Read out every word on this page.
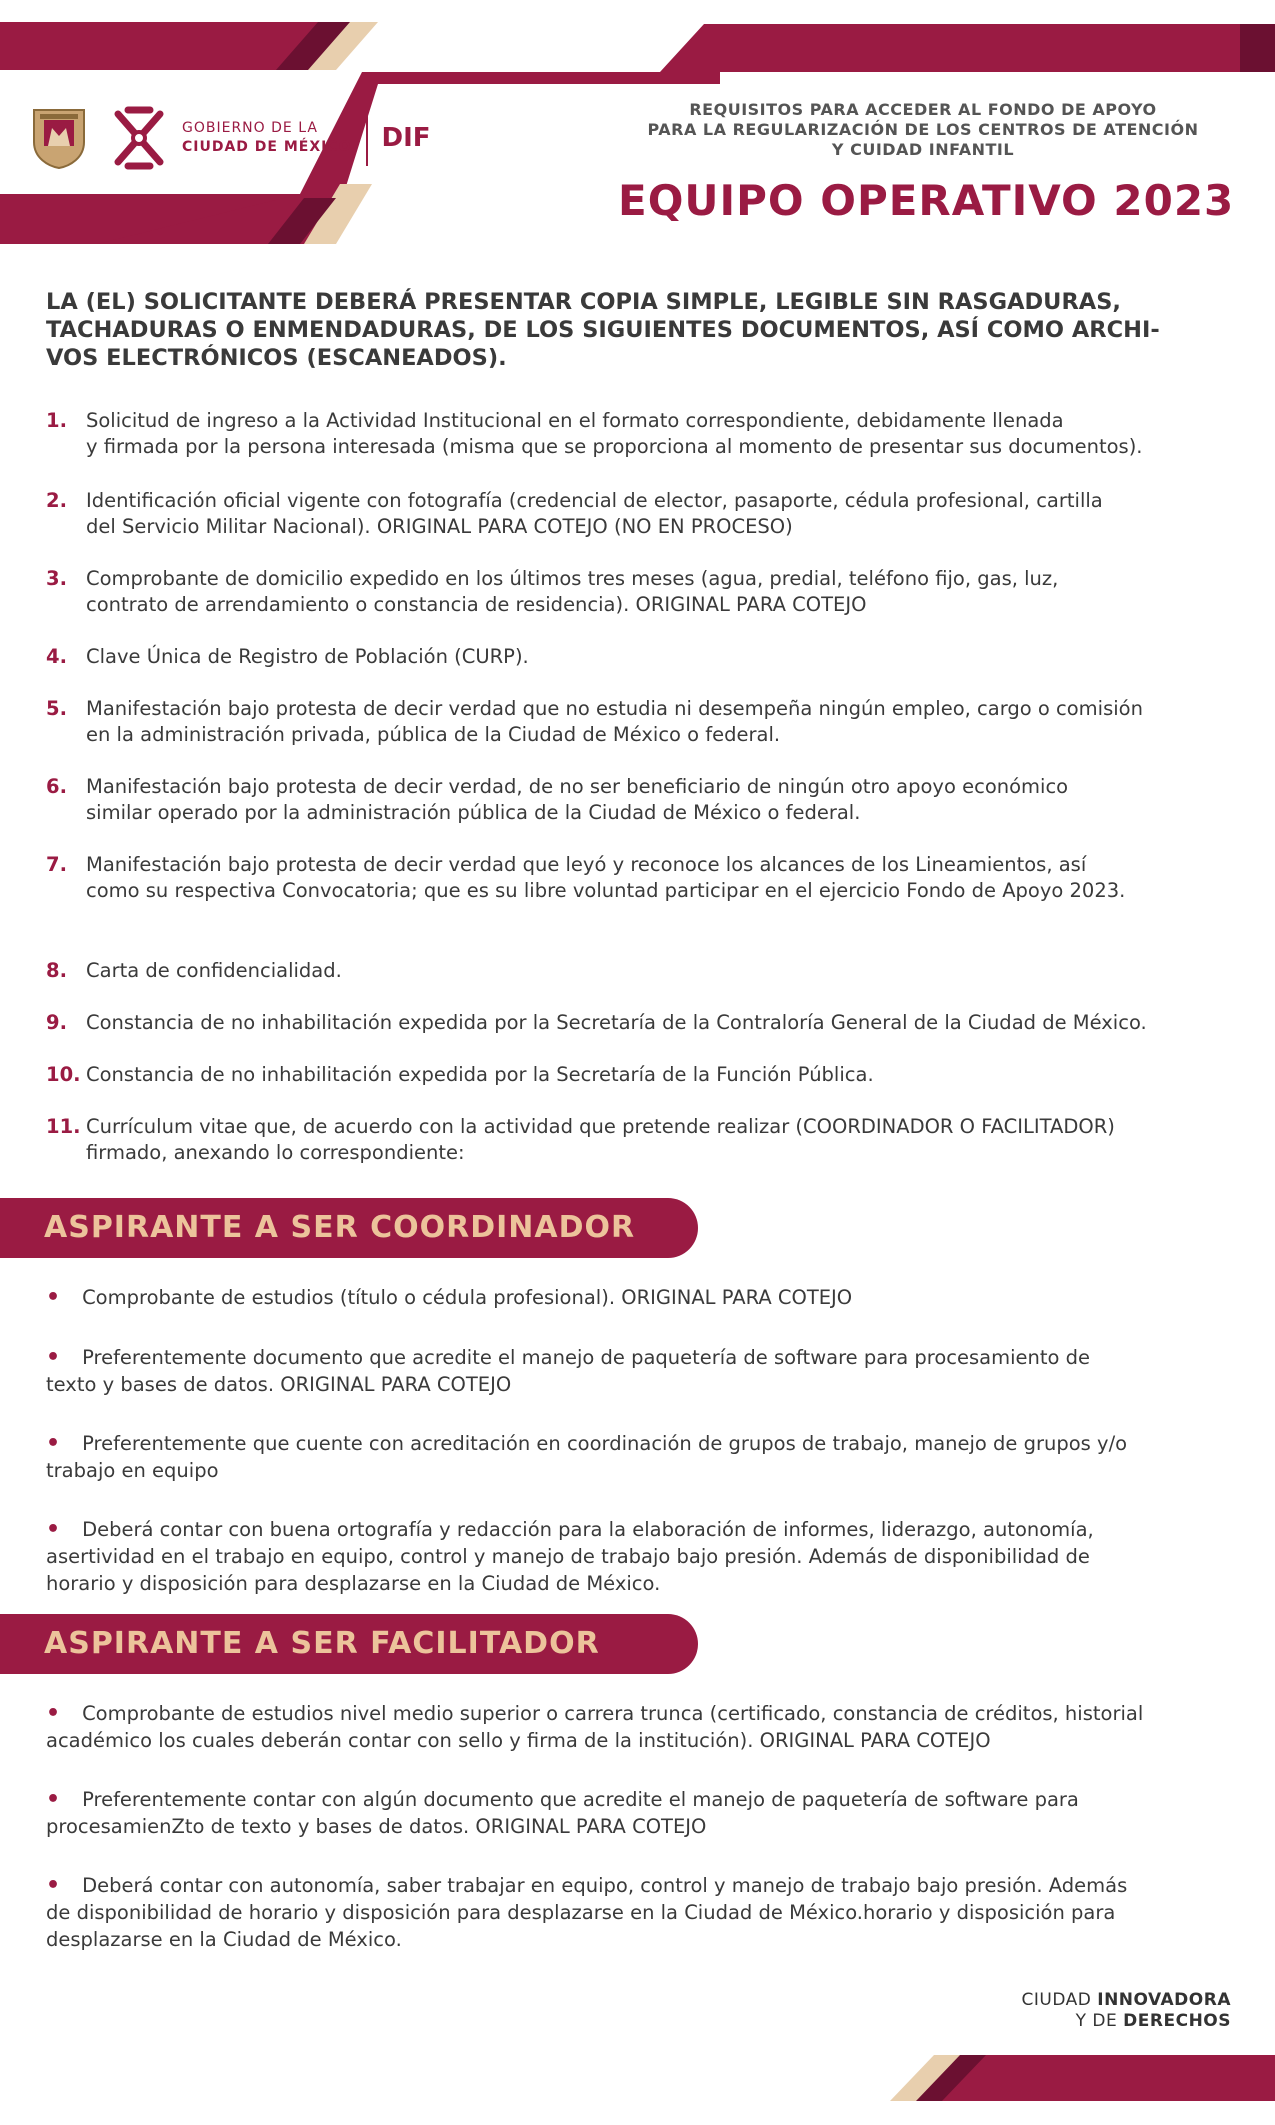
GOBIERNO DE LA
CIUDAD DE MÉXICO DIF
REQUISITOS PARA ACCEDER AL FONDO DE APOYO
PARA LA REGULARIZACIÓN DE LOS CENTROS DE ATENCIÓN
Y CUIDAD INFANTIL
EQUIPO OPERATIVO 2023
LA (EL) SOLICITANTE DEBERÁ PRESENTAR COPIA SIMPLE, LEGIBLE SIN RASGADURAS,
TACHADURAS O ENMENDADURAS, DE LOS SIGUIENTES DOCUMENTOS, ASÍ COMO ARCHI-
VOS ELECTRÓNICOS (ESCANEADOS).
1. Solicitud de ingreso a la Actividad Institucional en el formato correspondiente, debidamente llenada
y firmada por la persona interesada (misma que se proporciona al momento de presentar sus documentos).
2. Identificación oficial vigente con fotografía (credencial de elector, pasaporte, cédula profesional, cartilla
del Servicio Militar Nacional). ORIGINAL PARA COTEJO (NO EN PROCESO)
3. Comprobante de domicilio expedido en los últimos tres meses (agua, predial, teléfono fijo, gas, luz,
contrato de arrendamiento o constancia de residencia). ORIGINAL PARA COTEJO
4. Clave Única de Registro de Población (CURP).
5. Manifestación bajo protesta de decir verdad que no estudia ni desempeña ningún empleo, cargo o comisión
en la administración privada, pública de la Ciudad de México o federal.
6. Manifestación bajo protesta de decir verdad, de no ser beneficiario de ningún otro apoyo económico
similar operado por la administración pública de la Ciudad de México o federal.
7. Manifestación bajo protesta de decir verdad que leyó y reconoce los alcances de los Lineamientos, así
como su respectiva Convocatoria; que es su libre voluntad participar en el ejercicio Fondo de Apoyo 2023.
8. Carta de confidencialidad.
9. Constancia de no inhabilitación expedida por la Secretaría de la Contraloría General de la Ciudad de México.
10. Constancia de no inhabilitación expedida por la Secretaría de la Función Pública.
11. Currículum vitae que, de acuerdo con la actividad que pretende realizar (COORDINADOR O FACILITADOR)
firmado, anexando lo correspondiente:
ASPIRANTE A SER COORDINADOR
• Comprobante de estudios (título o cédula profesional). ORIGINAL PARA COTEJO
• Preferentemente documento que acredite el manejo de paquetería de software para procesamiento de
texto y bases de datos. ORIGINAL PARA COTEJO
• Preferentemente que cuente con acreditación en coordinación de grupos de trabajo, manejo de grupos y/o
trabajo en equipo
• Deberá contar con buena ortografía y redacción para la elaboración de informes, liderazgo, autonomía,
asertividad en el trabajo en equipo, control y manejo de trabajo bajo presión. Además de disponibilidad de
horario y disposición para desplazarse en la Ciudad de México.
ASPIRANTE A SER FACILITADOR
• Comprobante de estudios nivel medio superior o carrera trunca (certificado, constancia de créditos, historial
académico los cuales deberán contar con sello y firma de la institución). ORIGINAL PARA COTEJO
• Preferentemente contar con algún documento que acredite el manejo de paquetería de software para
procesamienZto de texto y bases de datos. ORIGINAL PARA COTEJO
• Deberá contar con autonomía, saber trabajar en equipo, control y manejo de trabajo bajo presión. Además
de disponibilidad de horario y disposición para desplazarse en la Ciudad de México.horario y disposición para
desplazarse en la Ciudad de México.
CIUDAD INNOVADORA
Y DE DERECHOS
